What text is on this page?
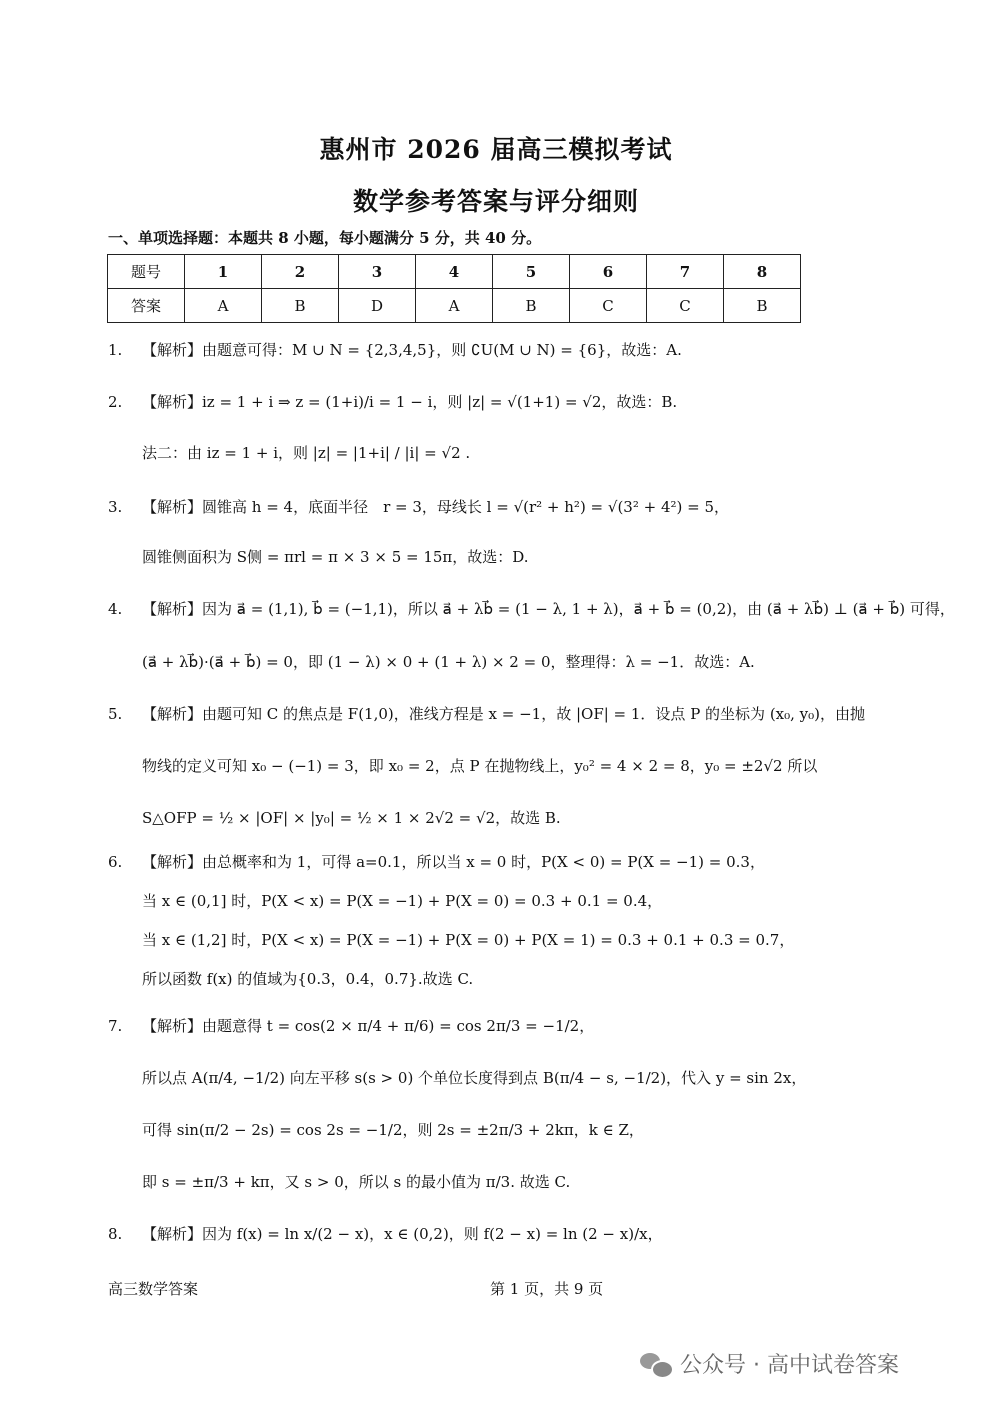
惠州市 2026 届高三模拟考试
数学参考答案与评分细则
一、单项选择题：本题共 8 小题，每小题满分 5 分，共 40 分。
题号	1	2	3	4	5	6	7	8
答案	A	B	D	A	B	C	C	B
1. 【解析】由题意可得：M ∪ N = {2,3,4,5}，则 ∁U(M ∪ N) = {6}，故选：A.
2. 【解析】iz = 1 + i ⇒ z = (1+i)/i = 1 − i，则 |z| = √(1+1) = √2，故选：B.
法二：由 iz = 1 + i，则 |z| = |1+i| / |i| = √2 .
3. 【解析】圆锥高 h = 4，底面半径　r = 3，母线长 l = √(r² + h²) = √(3² + 4²) = 5，
圆锥侧面积为 S侧 = πrl = π × 3 × 5 = 15π，故选：D.
4. 【解析】因为 a⃗ = (1,1), b⃗ = (−1,1)，所以 a⃗ + λb⃗ = (1 − λ, 1 + λ)，a⃗ + b⃗ = (0,2)，由 (a⃗ + λb⃗) ⊥ (a⃗ + b⃗) 可得，
(a⃗ + λb⃗)·(a⃗ + b⃗) = 0，即 (1 − λ) × 0 + (1 + λ) × 2 = 0，整理得：λ = −1．故选：A.
5. 【解析】由题可知 C 的焦点是 F(1,0)，准线方程是 x = −1，故 |OF| = 1．设点 P 的坐标为 (x₀, y₀)，由抛
物线的定义可知 x₀ − (−1) = 3，即 x₀ = 2，点 P 在抛物线上，y₀² = 4 × 2 = 8，y₀ = ±2√2 所以
S△OFP = ½ × |OF| × |y₀| = ½ × 1 × 2√2 = √2，故选 B.
6. 【解析】由总概率和为 1，可得 a=0.1，所以当 x = 0 时，P(X < 0) = P(X = −1) = 0.3，
当 x ∈ (0,1] 时，P(X < x) = P(X = −1) + P(X = 0) = 0.3 + 0.1 = 0.4，
当 x ∈ (1,2] 时，P(X < x) = P(X = −1) + P(X = 0) + P(X = 1) = 0.3 + 0.1 + 0.3 = 0.7，
所以函数 f(x) 的值域为{0.3，0.4，0.7}.故选 C.
7. 【解析】由题意得 t = cos(2 × π/4 + π/6) = cos 2π/3 = −1/2，
所以点 A(π/4, −1/2) 向左平移 s(s > 0) 个单位长度得到点 B(π/4 − s, −1/2)，代入 y = sin 2x，
可得 sin(π/2 − 2s) = cos 2s = −1/2，则 2s = ±2π/3 + 2kπ，k ∈ Z，
即 s = ±π/3 + kπ，又 s > 0，所以 s 的最小值为 π/3. 故选 C.
8. 【解析】因为 f(x) = ln x/(2 − x)，x ∈ (0,2)，则 f(2 − x) = ln (2 − x)/x，
高三数学答案	第 1 页，共 9 页
公众号 · 高中试卷答案
